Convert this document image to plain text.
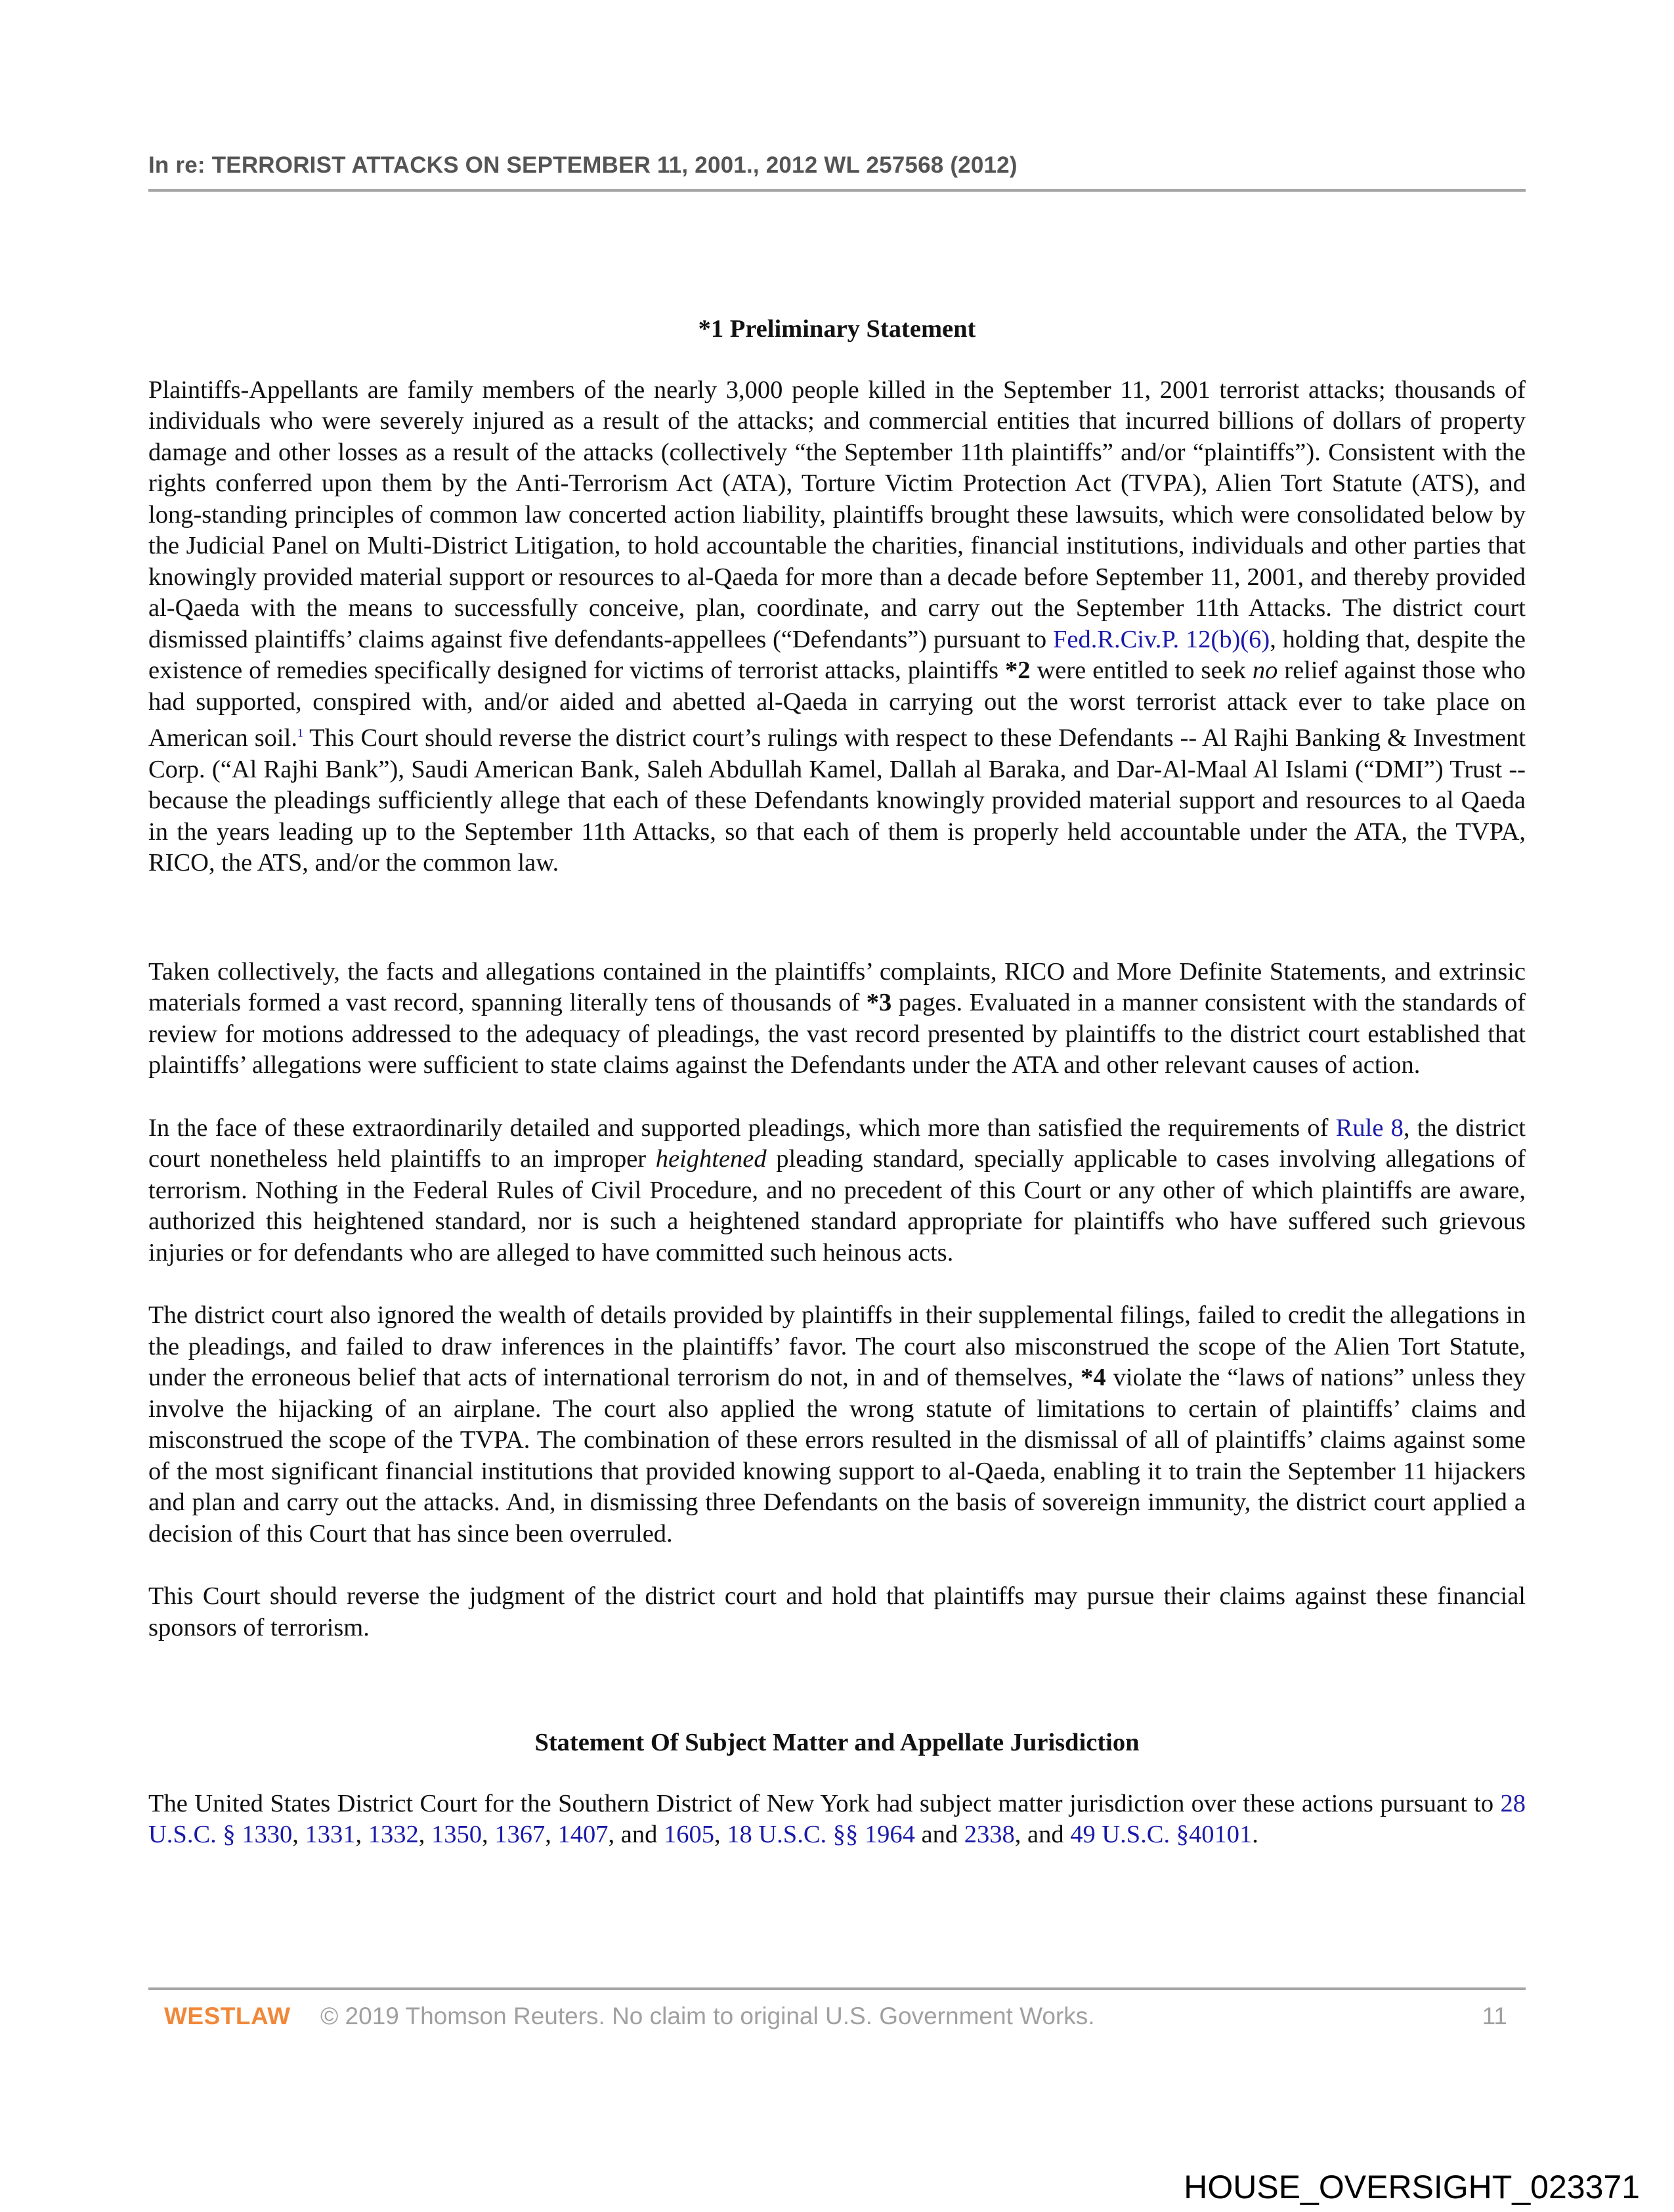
In re: TERRORIST ATTACKS ON SEPTEMBER 11, 2001., 2012 WL 257568 (2012)
*1 Preliminary Statement

Plaintiffs-Appellants are family members of the nearly 3,000 people killed in the September 11, 2001 terrorist attacks; thousands of individuals who were severely injured as a result of the attacks; and commercial entities that incurred billions of dollars of property damage and other losses as a result of the attacks (collectively “the September 11th plaintiffs” and/or “plaintiffs”). Consistent with the rights conferred upon them by the Anti-Terrorism Act (ATA), Torture Victim Protection Act (TVPA), Alien Tort Statute (ATS), and long-standing principles of common law concerted action liability, plaintiffs brought these lawsuits, which were consolidated below by the Judicial Panel on Multi-District Litigation, to hold accountable the charities, financial institutions, individuals and other parties that knowingly provided material support or resources to al-Qaeda for more than a decade before September 11, 2001, and thereby provided al-Qaeda with the means to successfully conceive, plan, coordinate, and carry out the September 11th Attacks. The district court dismissed plaintiffs’ claims against five defendants-appellees (“Defendants”) pursuant to Fed.R.Civ.P. 12(b)(6), holding that, despite the existence of remedies specifically designed for victims of terrorist attacks, plaintiffs *2 were entitled to seek no relief against those who had supported, conspired with, and/or aided and abetted al-Qaeda in carrying out the worst terrorist attack ever to take place on American soil.$^1$ This Court should reverse the district court’s rulings with respect to these Defendants -- Al Rajhi Banking & Investment Corp. (“Al Rajhi Bank”), Saudi American Bank, Saleh Abdullah Kamel, Dallah al Baraka, and Dar-Al-Maal Al Islami (“DMI”) Trust -- because the pleadings sufficiently allege that each of these Defendants knowingly provided material support and resources to al Qaeda in the years leading up to the September 11th Attacks, so that each of them is properly held accountable under the ATA, the TVPA, RICO, the ATS, and/or the common law.

Taken collectively, the facts and allegations contained in the plaintiffs’ complaints, RICO and More Definite Statements, and extrinsic materials formed a vast record, spanning literally tens of thousands of *3 pages. Evaluated in a manner consistent with the standards of review for motions addressed to the adequacy of pleadings, the vast record presented by plaintiffs to the district court established that plaintiffs’ allegations were sufficient to state claims against the Defendants under the ATA and other relevant causes of action.

In the face of these extraordinarily detailed and supported pleadings, which more than satisfied the requirements of Rule 8, the district court nonetheless held plaintiffs to an improper heightened pleading standard, specially applicable to cases involving allegations of terrorism. Nothing in the Federal Rules of Civil Procedure, and no precedent of this Court or any other of which plaintiffs are aware, authorized this heightened standard, nor is such a heightened standard appropriate for plaintiffs who have suffered such grievous injuries or for defendants who are alleged to have committed such heinous acts.

The district court also ignored the wealth of details provided by plaintiffs in their supplemental filings, failed to credit the allegations in the pleadings, and failed to draw inferences in the plaintiffs’ favor. The court also misconstrued the scope of the Alien Tort Statute, under the erroneous belief that acts of international terrorism do not, in and of themselves, *4 violate the “laws of nations” unless they involve the hijacking of an airplane. The court also applied the wrong statute of limitations to certain of plaintiffs’ claims and misconstrued the scope of the TVPA. The combination of these errors resulted in the dismissal of all of plaintiffs’ claims against some of the most significant financial institutions that provided knowing support to al-Qaeda, enabling it to train the September 11 hijackers and plan and carry out the attacks. And, in dismissing three Defendants on the basis of sovereign immunity, the district court applied a decision of this Court that has since been overruled.

This Court should reverse the judgment of the district court and hold that plaintiffs may pursue their claims against these financial sponsors of terrorism.

Statement Of Subject Matter and Appellate Jurisdiction

The United States District Court for the Southern District of New York had subject matter jurisdiction over these actions pursuant to 28 U.S.C. § 1330, 1331, 1332, 1350, 1367, 1407, and 1605, 18 U.S.C. §§ 1964 and 2338, and 49 U.S.C. §40101.

WESTLAW © 2019 Thomson Reuters. No claim to original U.S. Government Works.	11
HOUSE_OVERSIGHT_023371
